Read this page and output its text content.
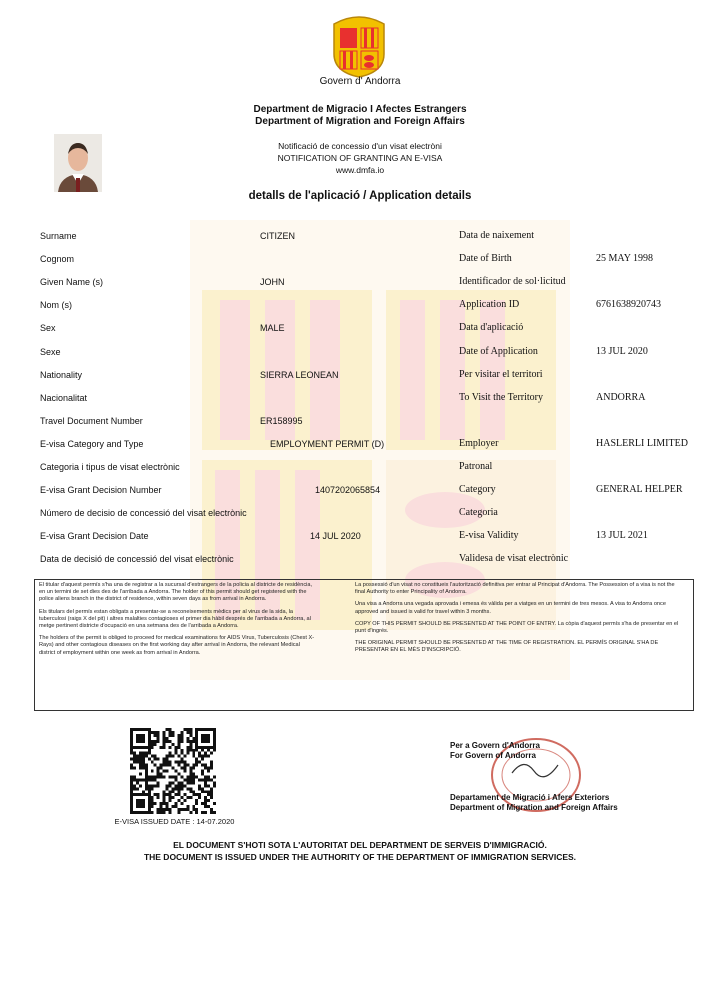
Govern d' Andorra
Department de Migracio I Afectes Estrangers
Department of Migration and Foreign Affairs
Notificació de concessio d'un visat electròni
NOTIFICATION OF GRANTING AN E-VISA
www.dmfa.io
detalls de l'aplicació / Application details
Surname	CITIZEN	Data de naixement
Cognom	Date of Birth	25 MAY 1998
Given Name (s)	JOHN	Identificador de sol·licitud
Nom (s)	Application ID	6761638920743
Sex	MALE	Data d'aplicació
Sexe	Date of Application	13 JUL 2020
Nationality	SIERRA LEONEAN	Per visitar el territori
Nacionalitat	To Visit the Territory	ANDORRA
Travel Document Number	ER158995
E-visa Category and Type	EMPLOYMENT PERMIT (D)	Employer	HASLERLI LIMITED
Categoria i tipus de visat electrònic	Patronal
E-visa Grant Decision Number	1407202065854	Category	GENERAL HELPER
Número de decisio de concessió del visat electrònic	Categoria
E-visa Grant Decision Date	14 JUL 2020	E-visa Validity	13 JUL 2021
Data de decisió de concessió del visat electrònic	Validesa de visat electrònic

El titular d'aquest permís s'ha una de registrar a la sucursal d'estrangers de la policia al districte de residència, en un termini de set dies des de l'arribada a Andorra. The holder of this permit should get registered with the police aliens branch in the district of residence, within seven days as from arrival in Andorra.

Els titulars del permís estan obligats a presentar-se a reconeixements mèdics per al virus de la sida, la tuberculosi (raigs X del pit) i altres malalties contagioses el primer dia hàbil després de l'arribada a Andorra, al metge pertinent districte d'ocupació en una setmana des de l'arribada a Andorra.

The holders of the permit is obliged to proceed for medical examinations for AIDS Virus, Tuberculosis (Chest X-Rays) and other contagious diseases on the first working day after arrival in Andorra, the relevant Medical district of employment within one week as from arrival in Andorra.

La possessió d'un visat no constitueix l'autorització definitiva per entrar al Principat d'Andorra. The Possession of a visa is not the final Authority to enter Principality of Andorra.

Una visa a Andorra una vegada aprovada i emesa és vàlida per a viatges en un termini de tres mesos. A visa to Andorra once approved and issued is valid for travel within 3 months.

COPY OF THIS PERMIT SHOULD BE PRESENTED AT THE POINT OF ENTRY. La còpia d'aquest permís s'ha de presentar en el punt d'ingrés.

THE ORIGINAL PERMIT SHOULD BE PRESENTED AT THE TIME OF REGISTRATION. EL PERMÍS ORIGINAL S'HA DE PRESENTAR EN EL MÉS D'INSCRIPCIÓ.

E-VISA ISSUED DATE : 14-07.2020
Per a Govern d'Andorra
For Govern of Andorra
Departament de Migració i Afers Exteriors
Department of Migration and Foreign Affairs
EL DOCUMENT S'HOTI SOTA L'AUTORITAT DEL DEPARTMENT DE SERVEIS D'IMMIGRACIÓ.
THE DOCUMENT IS ISSUED UNDER THE AUTHORITY OF THE DEPARTMENT OF IMMIGRATION SERVICES.
